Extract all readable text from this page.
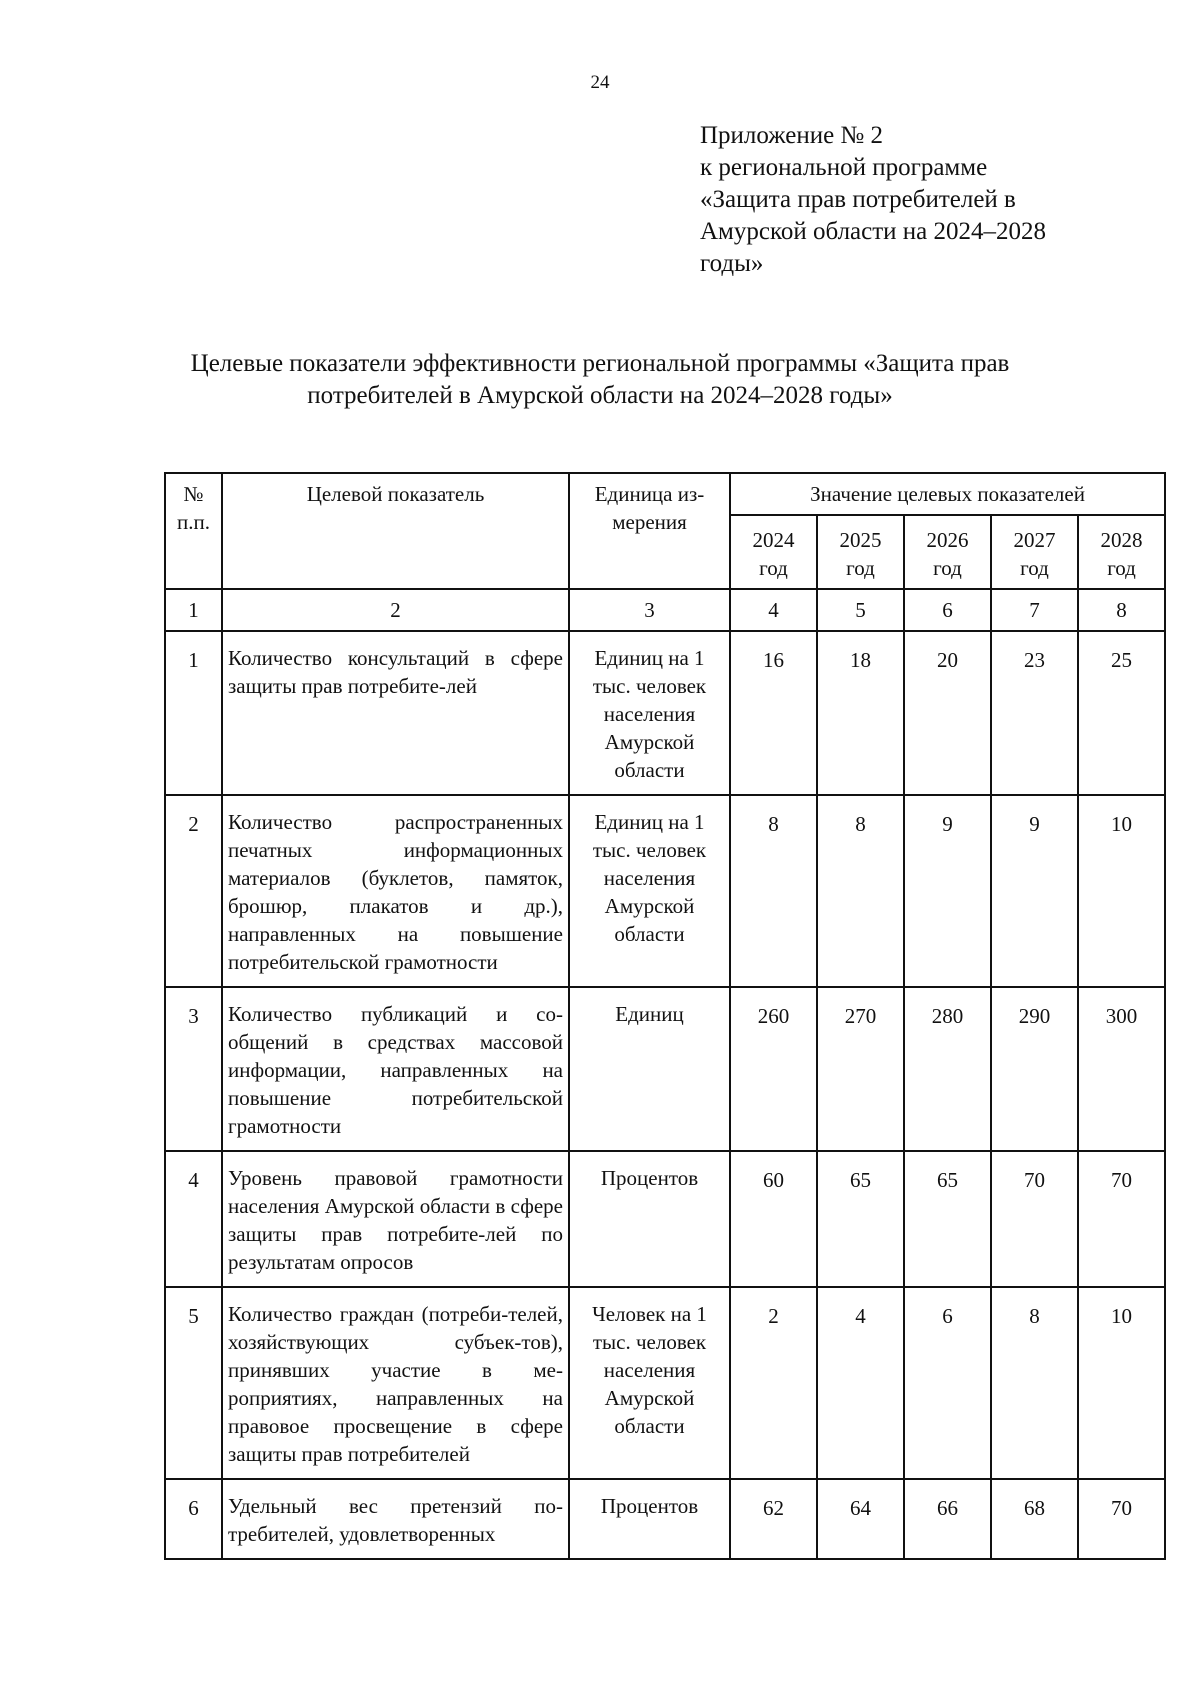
24
Приложение № 2
к региональной программе
«Защита прав потребителей в
Амурской области на 2024–2028
годы»
Целевые показатели эффективности региональной программы «Защита прав
потребителей в Амурской области на 2024–2028 годы»
№ п.п.	Целевой показатель	Единица из-мерения	Значение целевых показателей				
			2024 год	2025 год	2026 год	2027 год	2028 год
1	2	3	4	5	6	7	8
1	Количество консультаций в сфере защиты прав потребите-лей	Единиц на 1 тыс. человек населения Амурской области	16	18	20	23	25
2	Количество распространенных печатных информационных материалов (буклетов, памяток, брошюр, плакатов и др.), направленных на повышение потребительской грамотности	Единиц на 1 тыс. человек населения Амурской области	8	8	9	9	10
3	Количество публикаций и со-общений в средствах массовой информации, направленных на повышение потребительской грамотности	Единиц	260	270	280	290	300
4	Уровень правовой грамотности населения Амурской области в сфере защиты прав потребите-лей по результатам опросов	Процентов	60	65	65	70	70
5	Количество граждан (потреби-телей, хозяйствующих субъек-тов), принявших участие в ме-роприятиях, направленных на правовое просвещение в сфере защиты прав потребителей	Человек на 1 тыс. человек населения Амурской области	2	4	6	8	10
6	Удельный вес претензий по-требителей, удовлетворенных	Процентов	62	64	66	68	70
